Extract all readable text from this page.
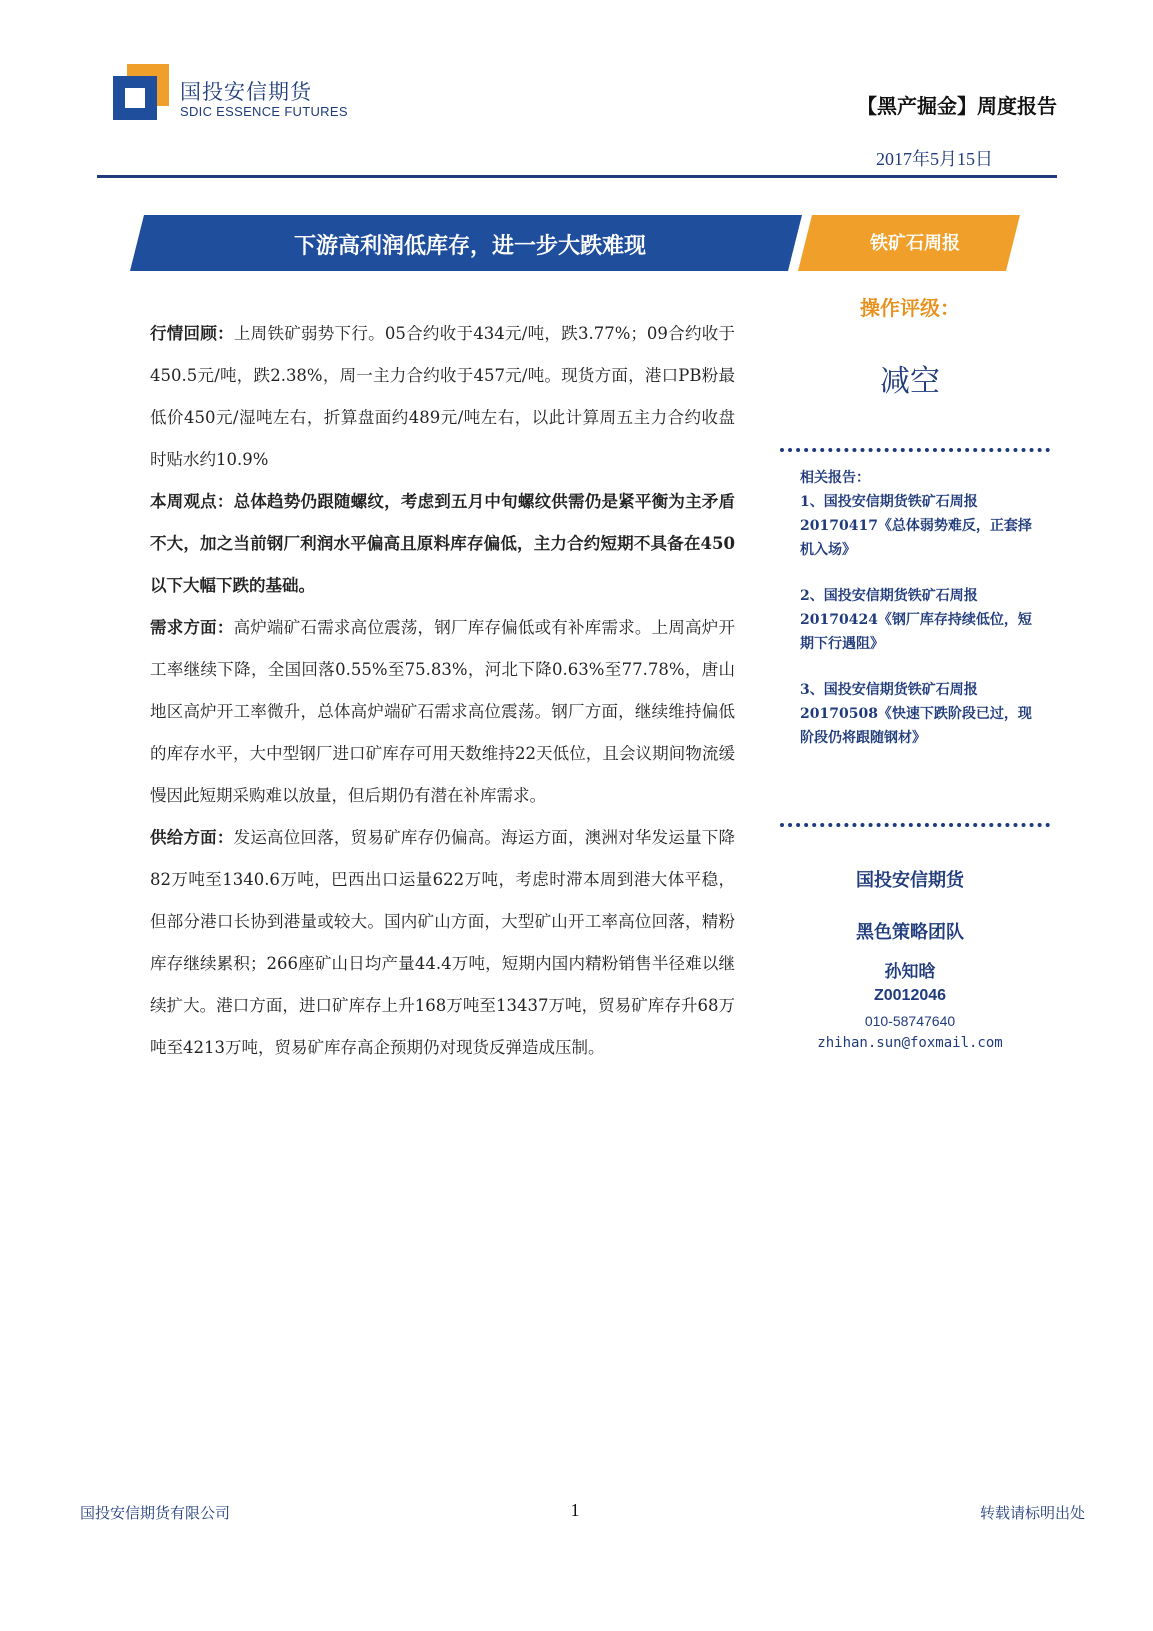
国投安信期货
SDIC ESSENCE FUTURES	【黑产掘金】周度报告
2017年5月15日
下游高利润低库存，进一步大跌难现	铁矿石周报

行情回顾：上周铁矿弱势下行。05合约收于434元/吨，跌3.77%；09合约收于450.5元/吨，跌2.38%，周一主力合约收于457元/吨。现货方面，港口PB粉最低价450元/湿吨左右，折算盘面约489元/吨左右，以此计算周五主力合约收盘时贴水约10.9%

本周观点：总体趋势仍跟随螺纹，考虑到五月中旬螺纹供需仍是紧平衡为主矛盾不大，加之当前钢厂利润水平偏高且原料库存偏低，主力合约短期不具备在450以下大幅下跌的基础。

需求方面：高炉端矿石需求高位震荡，钢厂库存偏低或有补库需求。上周高炉开工率继续下降，全国回落0.55%至75.83%，河北下降0.63%至77.78%，唐山地区高炉开工率微升，总体高炉端矿石需求高位震荡。钢厂方面，继续维持偏低的库存水平，大中型钢厂进口矿库存可用天数维持22天低位，且会议期间物流缓慢因此短期采购难以放量，但后期仍有潜在补库需求。

供给方面：发运高位回落，贸易矿库存仍偏高。海运方面，澳洲对华发运量下降82万吨至1340.6万吨，巴西出口运量622万吨，考虑时滞本周到港大体平稳，但部分港口长协到港量或较大。国内矿山方面，大型矿山开工率高位回落，精粉库存继续累积；266座矿山日均产量44.4万吨，短期内国内精粉销售半径难以继续扩大。港口方面，进口矿库存上升168万吨至13437万吨，贸易矿库存升68万吨至4213万吨，贸易矿库存高企预期仍对现货反弹造成压制。

操作评级：
减空
相关报告：
1、国投安信期货铁矿石周报
20170417《总体弱势难反，正套择机入场》
2、国投安信期货铁矿石周报
20170424《钢厂库存持续低位，短期下行遇阻》
3、国投安信期货铁矿石周报
20170508《快速下跌阶段已过，现阶段仍将跟随钢材》
国投安信期货
黑色策略团队
孙知晗
Z0012046
010-58747640
zhihan.sun@foxmail.com
国投安信期货有限公司	1	转载请标明出处
